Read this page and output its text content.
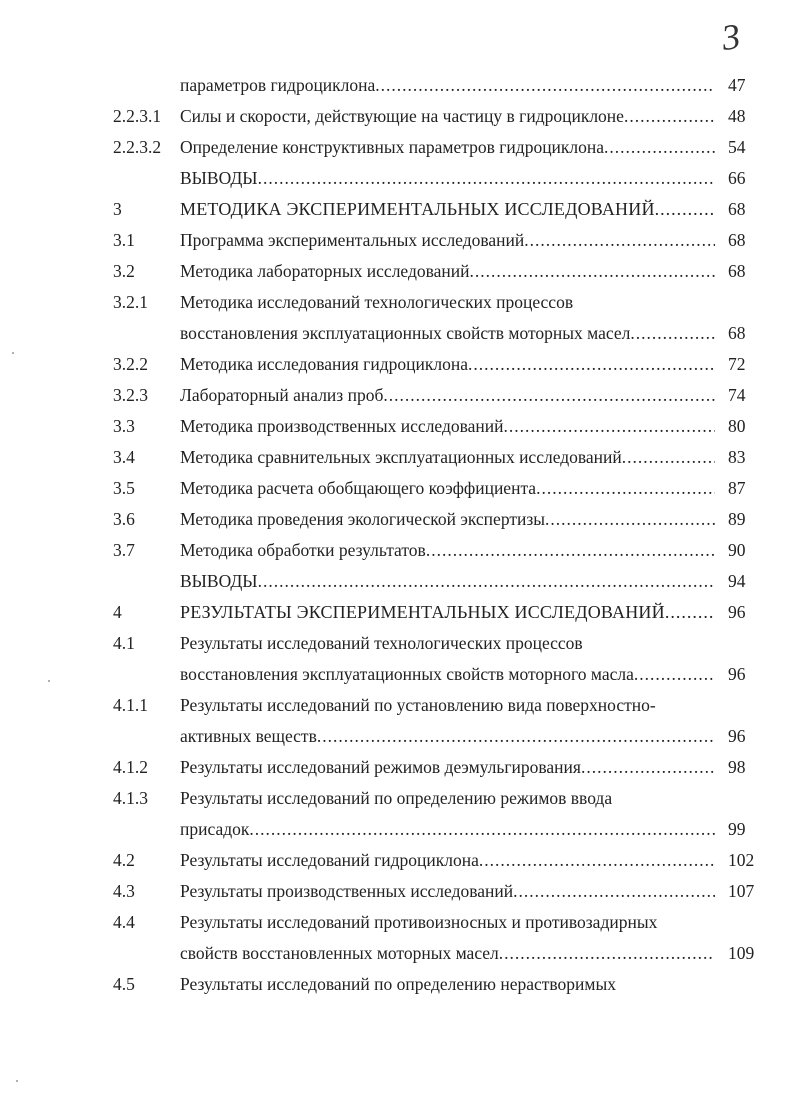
3
параметров гидроциклона .....	47
2.2.3.1 Силы и скорости, действующие на частицу в гидроциклоне .....	48
2.2.3.2 Определение конструктивных параметров гидроциклона .....	54
ВЫВОДЫ .....	66
3	МЕТОДИКА ЭКСПЕРИМЕНТАЛЬНЫХ ИССЛЕДОВАНИЙ .....	68
3.1	Программа экспериментальных исследований .....	68
3.2	Методика лабораторных исследований .....	68
3.2.1 Методика исследований технологических процессов
восстановления эксплуатационных свойств моторных масел .....	68
3.2.2 Методика исследования гидроциклона .....	72
3.2.3 Лабораторный анализ проб .....	74
3.3	Методика производственных исследований .....	80
3.4	Методика сравнительных эксплуатационных исследований .....	83
3.5	Методика расчета обобщающего коэффициента .....	87
3.6	Методика проведения экологической экспертизы .....	89
3.7	Методика обработки результатов .....	90
ВЫВОДЫ .....	94
4	РЕЗУЛЬТАТЫ ЭКСПЕРИМЕНТАЛЬНЫХ ИССЛЕДОВАНИЙ .....	96
4.1	Результаты исследований технологических процессов
восстановления эксплуатационных свойств моторного масла .....	96
4.1.1 Результаты исследований по установлению вида поверхностно-
активных веществ .....	96
4.1.2 Результаты исследований режимов деэмульгирования .....	98
4.1.3 Результаты исследований по определению режимов ввода
присадок .....	99
4.2	Результаты исследований гидроциклона .....	102
4.3	Результаты производственных исследований .....	107
4.4	Результаты исследований противоизносных и противозадирных
свойств восстановленных моторных масел .....	109
4.5	Результаты исследований по определению нерастворимых
